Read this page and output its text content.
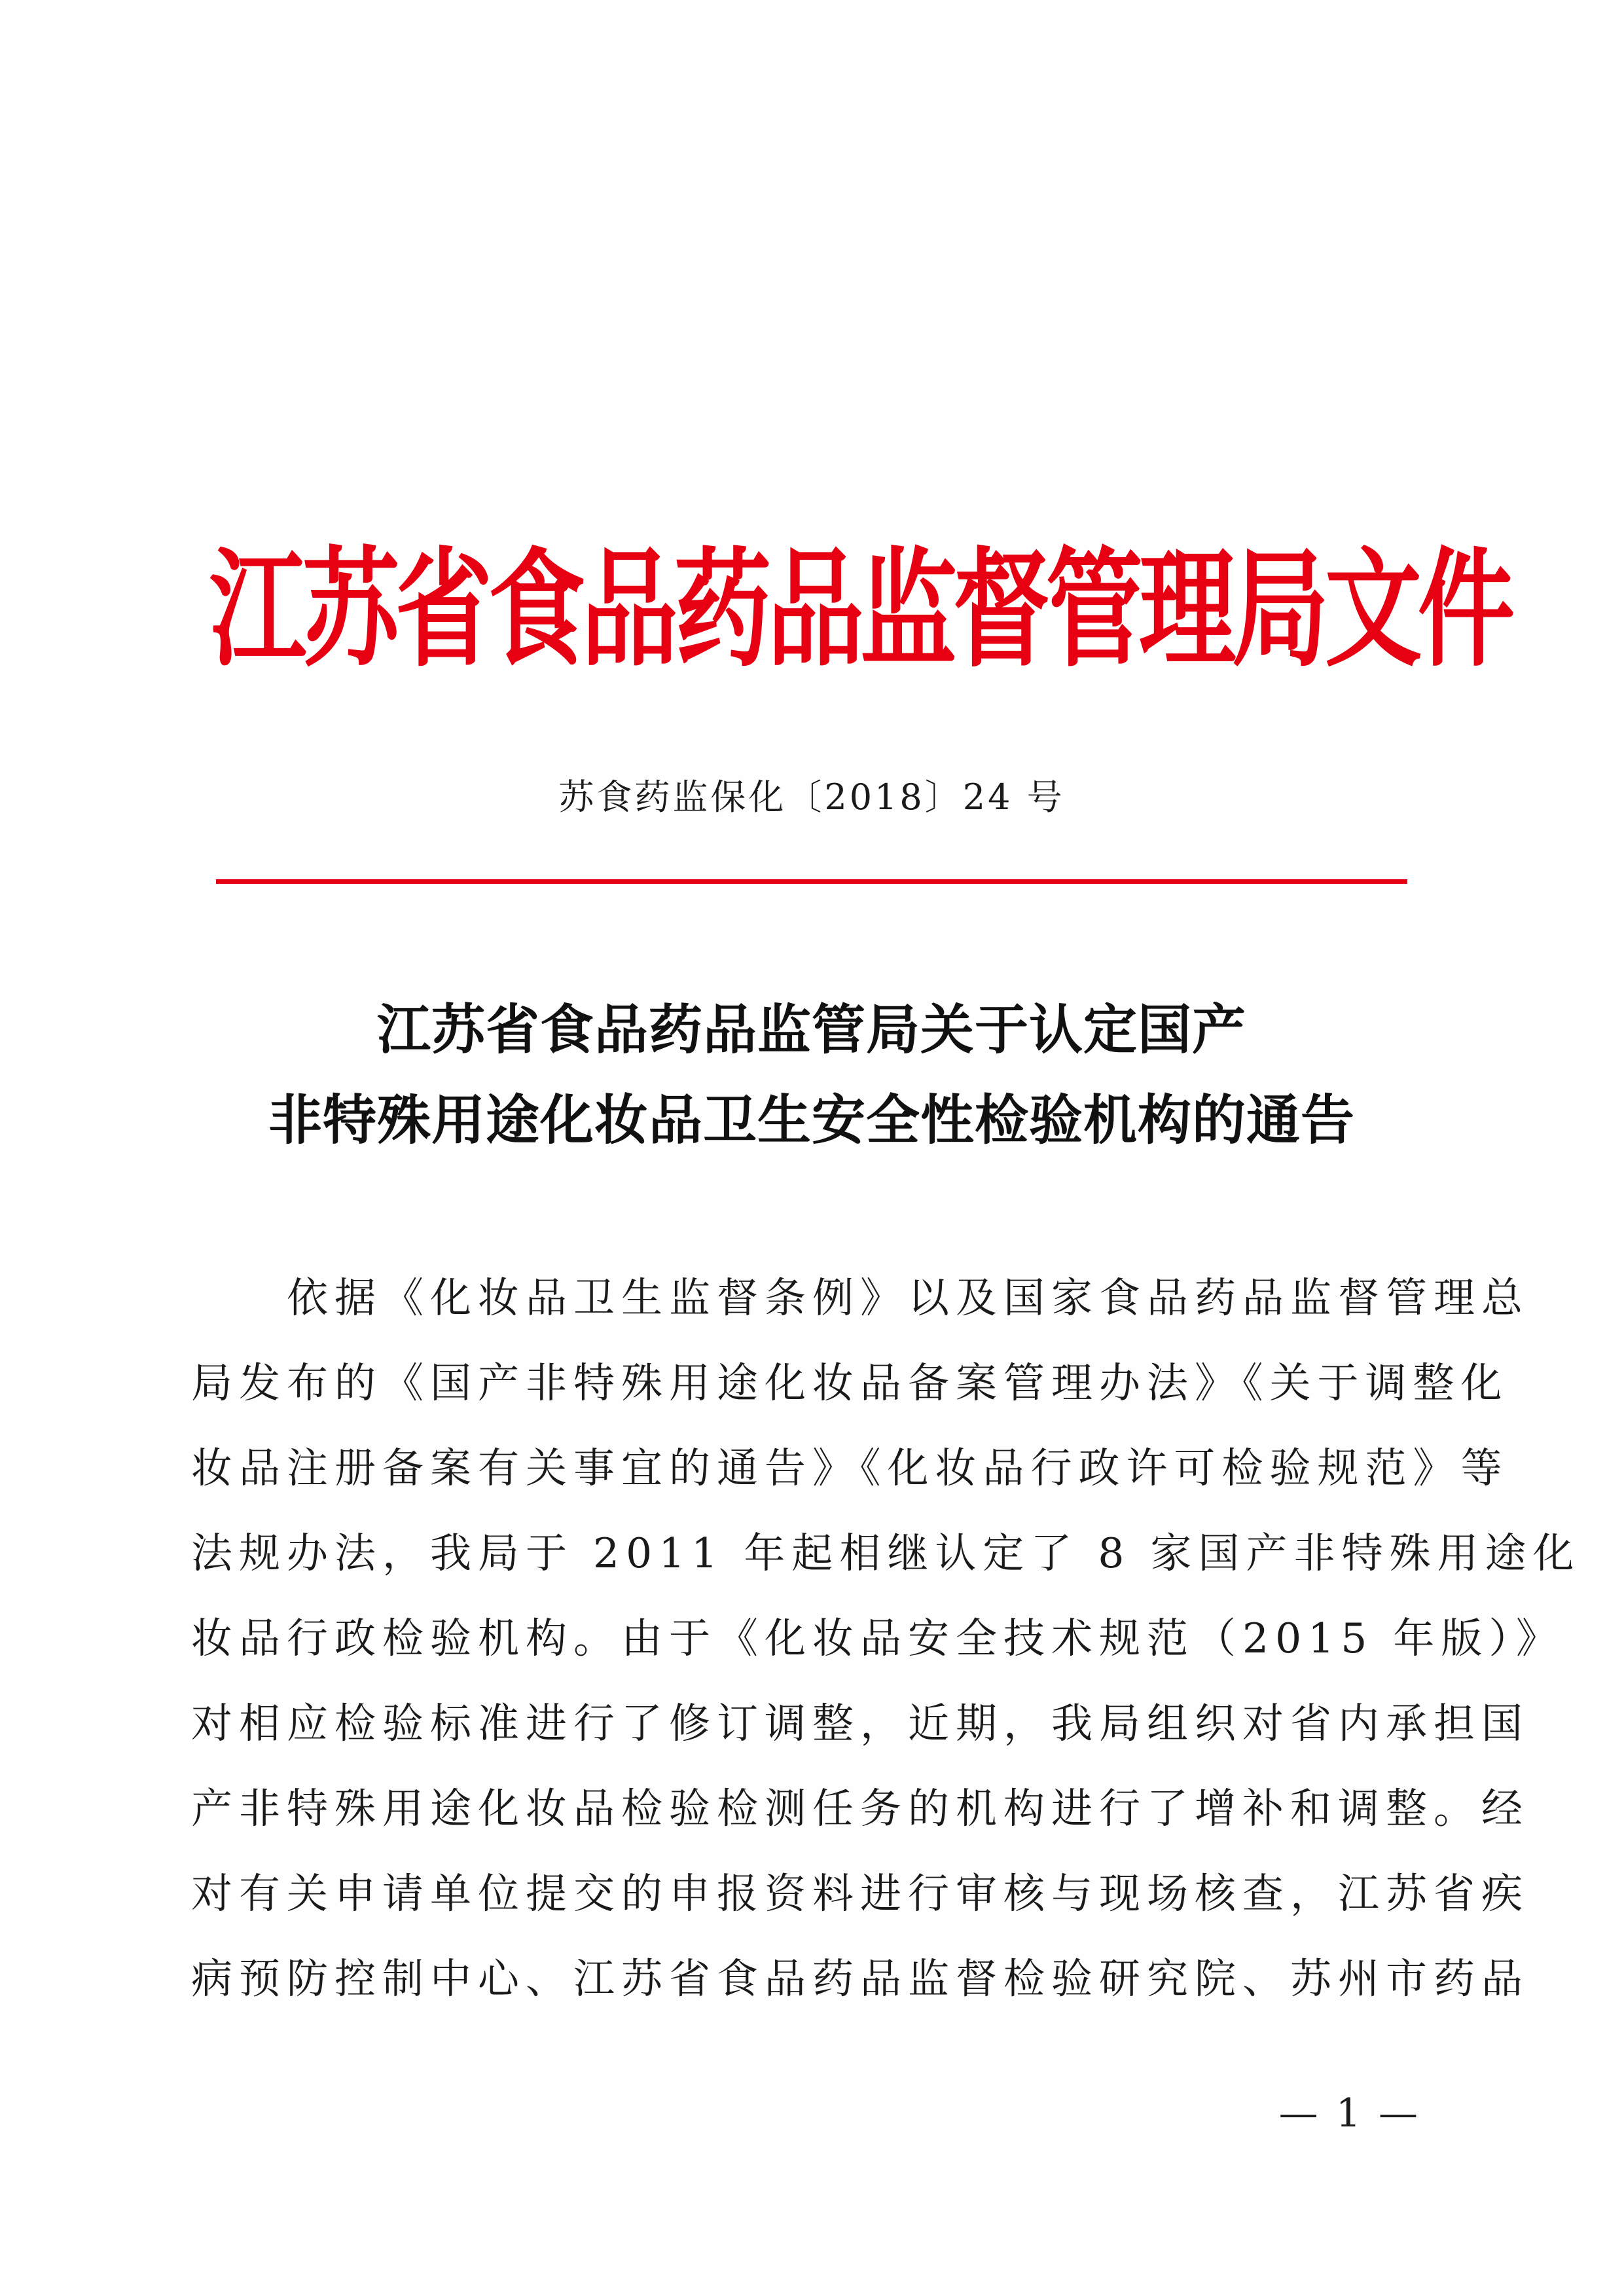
江苏省食品药品监督管理局文件
苏食药监保化〔2018〕24 号
江苏省食品药品监管局关于认定国产
非特殊用途化妆品卫生安全性检验机构的通告
　　依据《化妆品卫生监督条例》以及国家食品药品监督管理总
局发布的《国产非特殊用途化妆品备案管理办法》《关于调整化
妆品注册备案有关事宜的通告》《化妆品行政许可检验规范》等
法规办法，我局于 2011 年起相继认定了 8 家国产非特殊用途化
妆品行政检验机构。由于《化妆品安全技术规范（2015 年版）》
对相应检验标准进行了修订调整，近期，我局组织对省内承担国
产非特殊用途化妆品检验检测任务的机构进行了增补和调整。经
对有关申请单位提交的申报资料进行审核与现场核查，江苏省疾
病预防控制中心、江苏省食品药品监督检验研究院、苏州市药品
— 1 —
